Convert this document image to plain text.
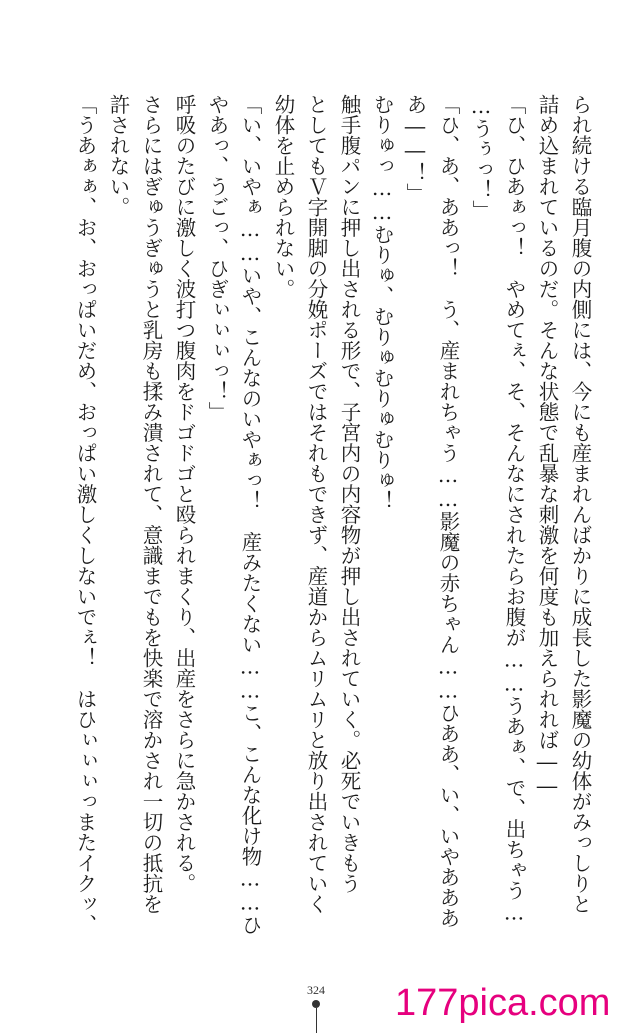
られ続ける臨月腹の内側には、今にも産まれんばかりに成長した影魔の幼体がみっしりと
詰め込まれているのだ。そんな状態で乱暴な刺激を何度も加えられれば――
「ひ、ひあぁっ！　やめてぇ、そ、そんなにされたらお腹が……うあぁ、で、出ちゃう…
…うぅっ！」
「ひ、あ、ああっ！　う、産まれちゃう……影魔の赤ちゃん……ひああ、い、いやあああ
あ――！」
むりゅっ……むりゅ、むりゅむりゅむりゅ！
触手腹パンに押し出される形で、子宮内の内容物が押し出されていく。必死でいきもう
としてもＶ字開脚の分娩ポーズではそれもできず、産道からムリムリと放り出されていく
幼体を止められない。
「い、いやぁ……いや、こんなのいやぁっ！　産みたくない……こ、こんな化け物……ひ
やあっ、うごっ、ひぎぃぃぃっ！」
呼吸のたびに激しく波打つ腹肉をドゴドゴと殴られまくり、出産をさらに急かされる。
さらにはぎゅうぎゅうと乳房も揉み潰されて、意識までもを快楽で溶かされ一切の抵抗を
許されない。
「うあぁぁ、お、おっぱいだめ、おっぱい激しくしないでぇ！　はひぃぃぃっまたイクッ、
324 177pica.com
